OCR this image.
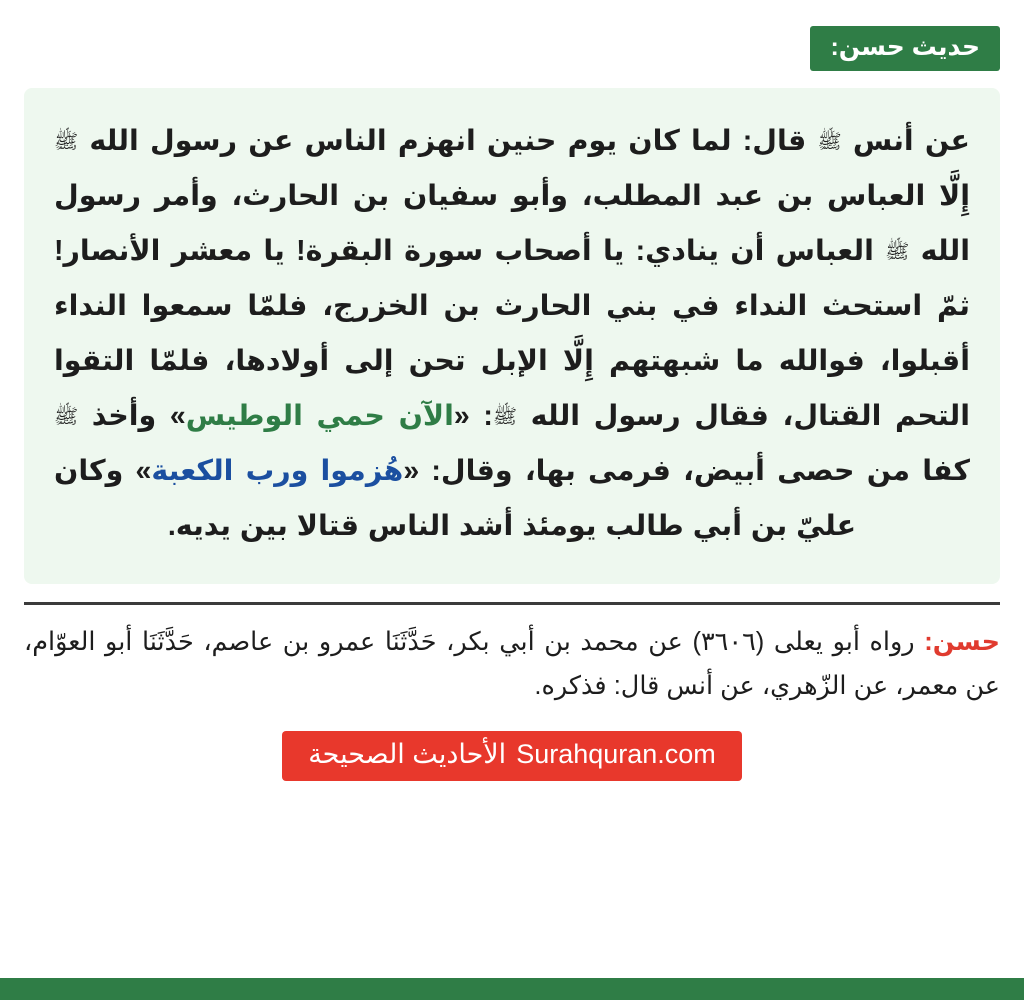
حديث حسن:
عن أنس ﷺ قال: لما كان يوم حنين انهزم الناس عن رسول الله ﷺ إِلَّا العباس بن عبد المطلب، وأبو سفيان بن الحارث، وأمر رسول الله ﷺ العباس أن ينادي: يا أصحاب سورة البقرة! يا معشر الأنصار! ثمّ استحث النداء في بني الحارث بن الخزرج، فلمّا سمعوا النداء أقبلوا، فوالله ما شبهتهم إِلَّا الإبل تحن إلى أولادها، فلمّا التقوا التحم القتال، فقال رسول الله ﷺ: «الآن حمي الوطيس» وأخذ ﷺ كفا من حصى أبيض، فرمى بها، وقال: «هُزموا ورب الكعبة» وكان عليّ بن أبي طالب يومئذ أشد الناس قتالا بين يديه.
حسن: رواه أبو يعلى (٣٦٠٦) عن محمد بن أبي بكر، حَدَّثَنَا عمرو بن عاصم، حَدَّثَنَا أبو العوّام، عن معمر، عن الزّهري، عن أنس قال: فذكره.
Surahquran.com
الأحاديث الصحيحة
